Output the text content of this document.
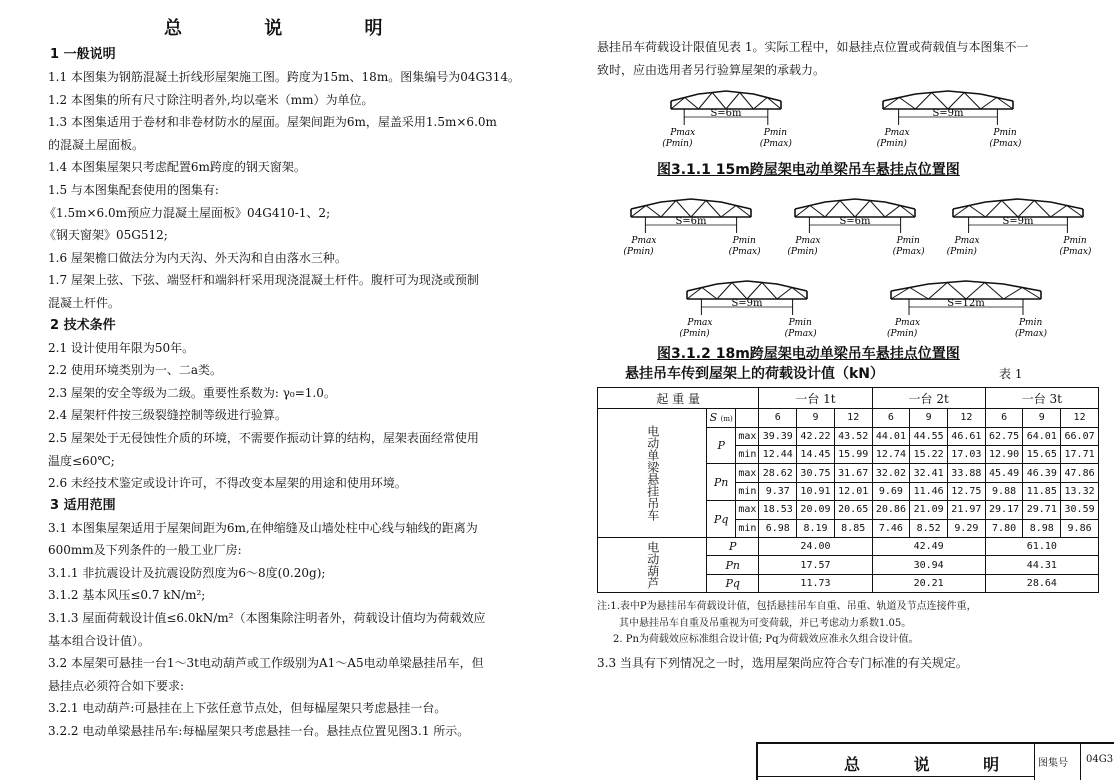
总 说 明

1 一般说明

1.1 本图集为钢筋混凝土折线形屋架施工图。跨度为15m、18m。图集编号为04G314。

1.2 本图集的所有尺寸除注明者外,均以毫米（mm）为单位。

1.3 本图集适用于卷材和非卷材防水的屋面。屋架间距为6m，屋盖采用1.5m×6.0m

的混凝土屋面板。

1.4 本图集屋架只考虑配置6m跨度的钢天窗架。

1.5 与本图集配套使用的图集有:

《1.5m×6.0m预应力混凝土屋面板》04G410-1、2;

《钢天窗架》05G512;

1.6 屋架檐口做法分为内天沟、外天沟和自由落水三种。

1.7 屋架上弦、下弦、端竖杆和端斜杆采用现浇混凝土杆件。腹杆可为现浇或预制

混凝土杆件。

2 技术条件

2.1 设计使用年限为50年。

2.2 使用环境类别为一、二a类。

2.3 屋架的安全等级为二级。重要性系数为: γ₀=1.0。

2.4 屋架杆件按三级裂缝控制等级进行验算。

2.5 屋架处于无侵蚀性介质的环境，不需要作振动计算的结构，屋架表面经常使用

温度≤60℃;

2.6 未经技术鉴定或设计许可，不得改变本屋架的用途和使用环境。

3 适用范围

3.1 本图集屋架适用于屋架间距为6m,在伸缩缝及山墙处柱中心线与轴线的距离为

600mm及下列条件的一般工业厂房:

3.1.1 非抗震设计及抗震设防烈度为6～8度(0.20g);

3.1.2 基本风压≤0.7 kN/m²;

3.1.3 屋面荷载设计值≤6.0kN/m²（本图集除注明者外，荷载设计值均为荷载效应

基本组合设计值）。

3.2 本屋架可悬挂一台1～3t电动葫芦或工作级别为A1～A5电动单梁悬挂吊车，但

悬挂点必须符合如下要求:

3.2.1 电动葫芦:可悬挂在上下弦任意节点处，但每榀屋架只考虑悬挂一台。

3.2.2 电动单梁悬挂吊车:每榀屋架只考虑悬挂一台。悬挂点位置见图3.1 所示。

悬挂吊车荷载设计限值见表 1。实际工程中，如悬挂点位置或荷载值与本图集不一

致时，应由选用者另行验算屋架的承载力。

S=6m
Pmax
(Pmin)
Pmin
(Pmax)
S=9m
Pmax
(Pmin)
Pmin
(Pmax)
图3.1.1 15m跨屋架电动单梁吊车悬挂点位置图
S=6m
Pmax
(Pmin)
Pmin
(Pmax)
S=6m
Pmax
(Pmin)
Pmin
(Pmax)
S=9m
Pmax
(Pmin)
Pmin
(Pmax)
S=9m
Pmax
(Pmin)
Pmin
(Pmax)
S=12m
Pmax
(Pmin)
Pmin
(Pmax)
图3.1.2 18m跨屋架电动单梁吊车悬挂点位置图
悬挂吊车传到屋架上的荷载设计值（kN）	表 1
起 重 量			一台 1t			一台 2t			一台 3t		
电动单梁悬挂吊车	S (m)		6	9	12	6	9	12	6	9	12
	P	max	39.39	42.22	43.52	44.01	44.55	46.61	62.75	64.01	66.07
		min	12.44	14.45	15.99	12.74	15.22	17.03	12.90	15.65	17.71
	Pn	max	28.62	30.75	31.67	32.02	32.41	33.88	45.49	46.39	47.86
		min	9.37	10.91	12.01	9.69	11.46	12.75	9.88	11.85	13.32
	Pq	max	18.53	20.09	20.65	20.86	21.09	21.97	29.17	29.71	30.59
		min	6.98	8.19	8.85	7.46	8.52	9.29	7.80	8.98	9.86
电动葫芦	P		24.00			42.49			61.10		
	Pn		17.57			30.94			44.31		
	Pq		11.73			20.21			28.64		

注:1.表中P为悬挂吊车荷载设计值，包括悬挂吊车自重、吊重、轨道及节点连接件重，

其中悬挂吊车自重及吊重视为可变荷载，并已考虑动力系数1.05。

2. Pn为荷载效应标准组合设计值; Pq为荷载效应准永久组合设计值。

3.3 当具有下列情况之一时，选用屋架尚应符合专门标准的有关规定。

总 说 明 图集号 04G3
